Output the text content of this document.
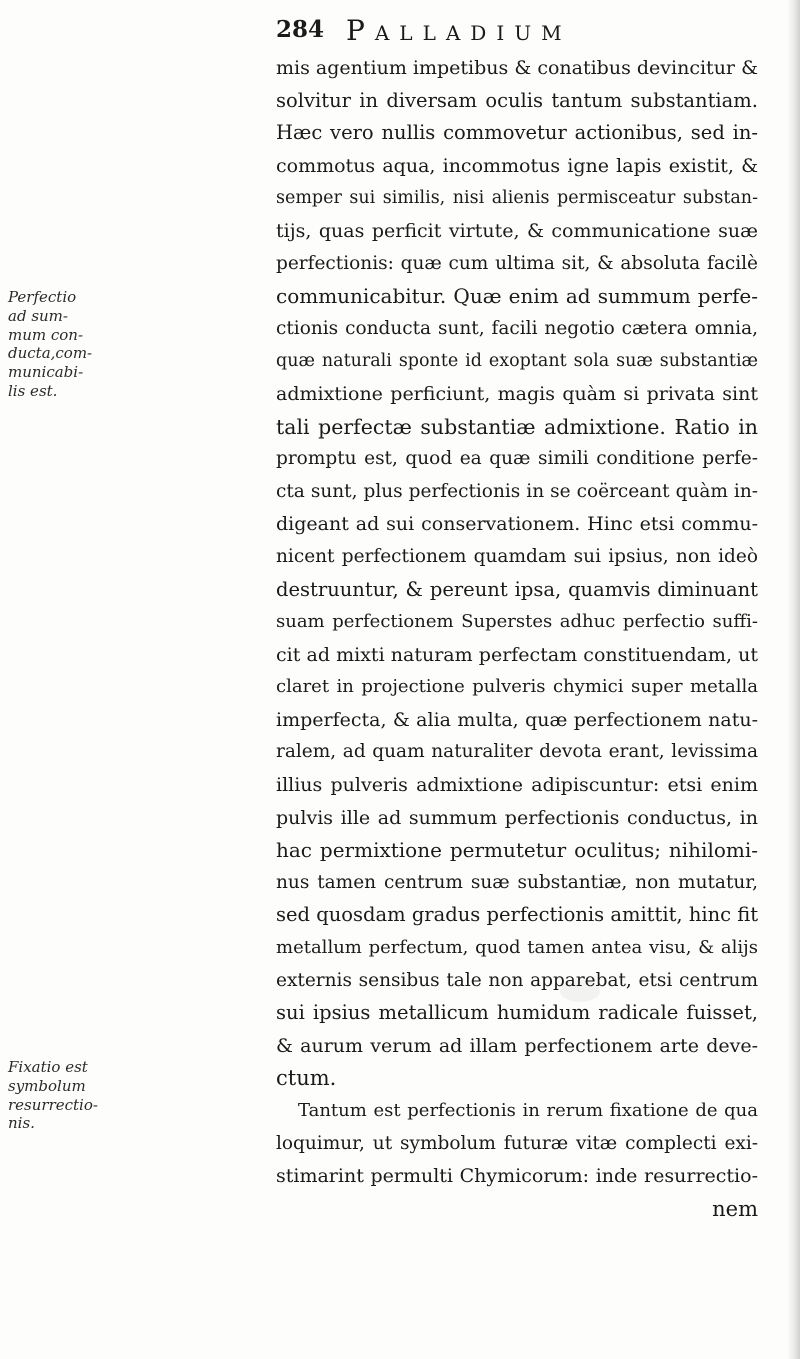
284 Palladium
Perfectio
ad sum-
mum con-
ducta,com-
municabi-
lis est.
Fixatio est
symbolum
resurrectio-
nis.
mis agentium impetibus & conatibus devincitur &
solvitur in diversam oculis tantum substantiam.
Hæc vero nullis commovetur actionibus, sed in-
commotus aqua, incommotus igne lapis existit, &
semper sui similis, nisi alienis permisceatur substan-
tijs, quas perficit virtute, & communicatione suæ
perfectionis: quæ cum ultima sit, & absoluta facilè
communicabitur. Quæ enim ad summum perfe-
ctionis conducta sunt, facili negotio cætera omnia,
quæ naturali sponte id exoptant sola suæ substantiæ
admixtione perficiunt, magis quàm si privata sint
tali perfectæ substantiæ admixtione. Ratio in
promptu est, quod ea quæ simili conditione perfe-
cta sunt, plus perfectionis in se coërceant quàm in-
digeant ad sui conservationem. Hinc etsi commu-
nicent perfectionem quamdam sui ipsius, non ideò
destruuntur, & pereunt ipsa, quamvis diminuant
suam perfectionem Superstes adhuc perfectio suffi-
cit ad mixti naturam perfectam constituendam, ut
claret in projectione pulveris chymici super metalla
imperfecta, & alia multa, quæ perfectionem natu-
ralem, ad quam naturaliter devota erant, levissima
illius pulveris admixtione adipiscuntur: etsi enim
pulvis ille ad summum perfectionis conductus, in
hac permixtione permutetur oculitus; nihilomi-
nus tamen centrum suæ substantiæ, non mutatur,
sed quosdam gradus perfectionis amittit, hinc fit
metallum perfectum, quod tamen antea visu, & alijs
externis sensibus tale non apparebat, etsi centrum
sui ipsius metallicum humidum radicale fuisset,
& aurum verum ad illam perfectionem arte deve-
ctum.
Tantum est perfectionis in rerum fixatione de qua
loquimur, ut symbolum futuræ vitæ complecti exi-
stimarint permulti Chymicorum: inde resurrectio-
nem
